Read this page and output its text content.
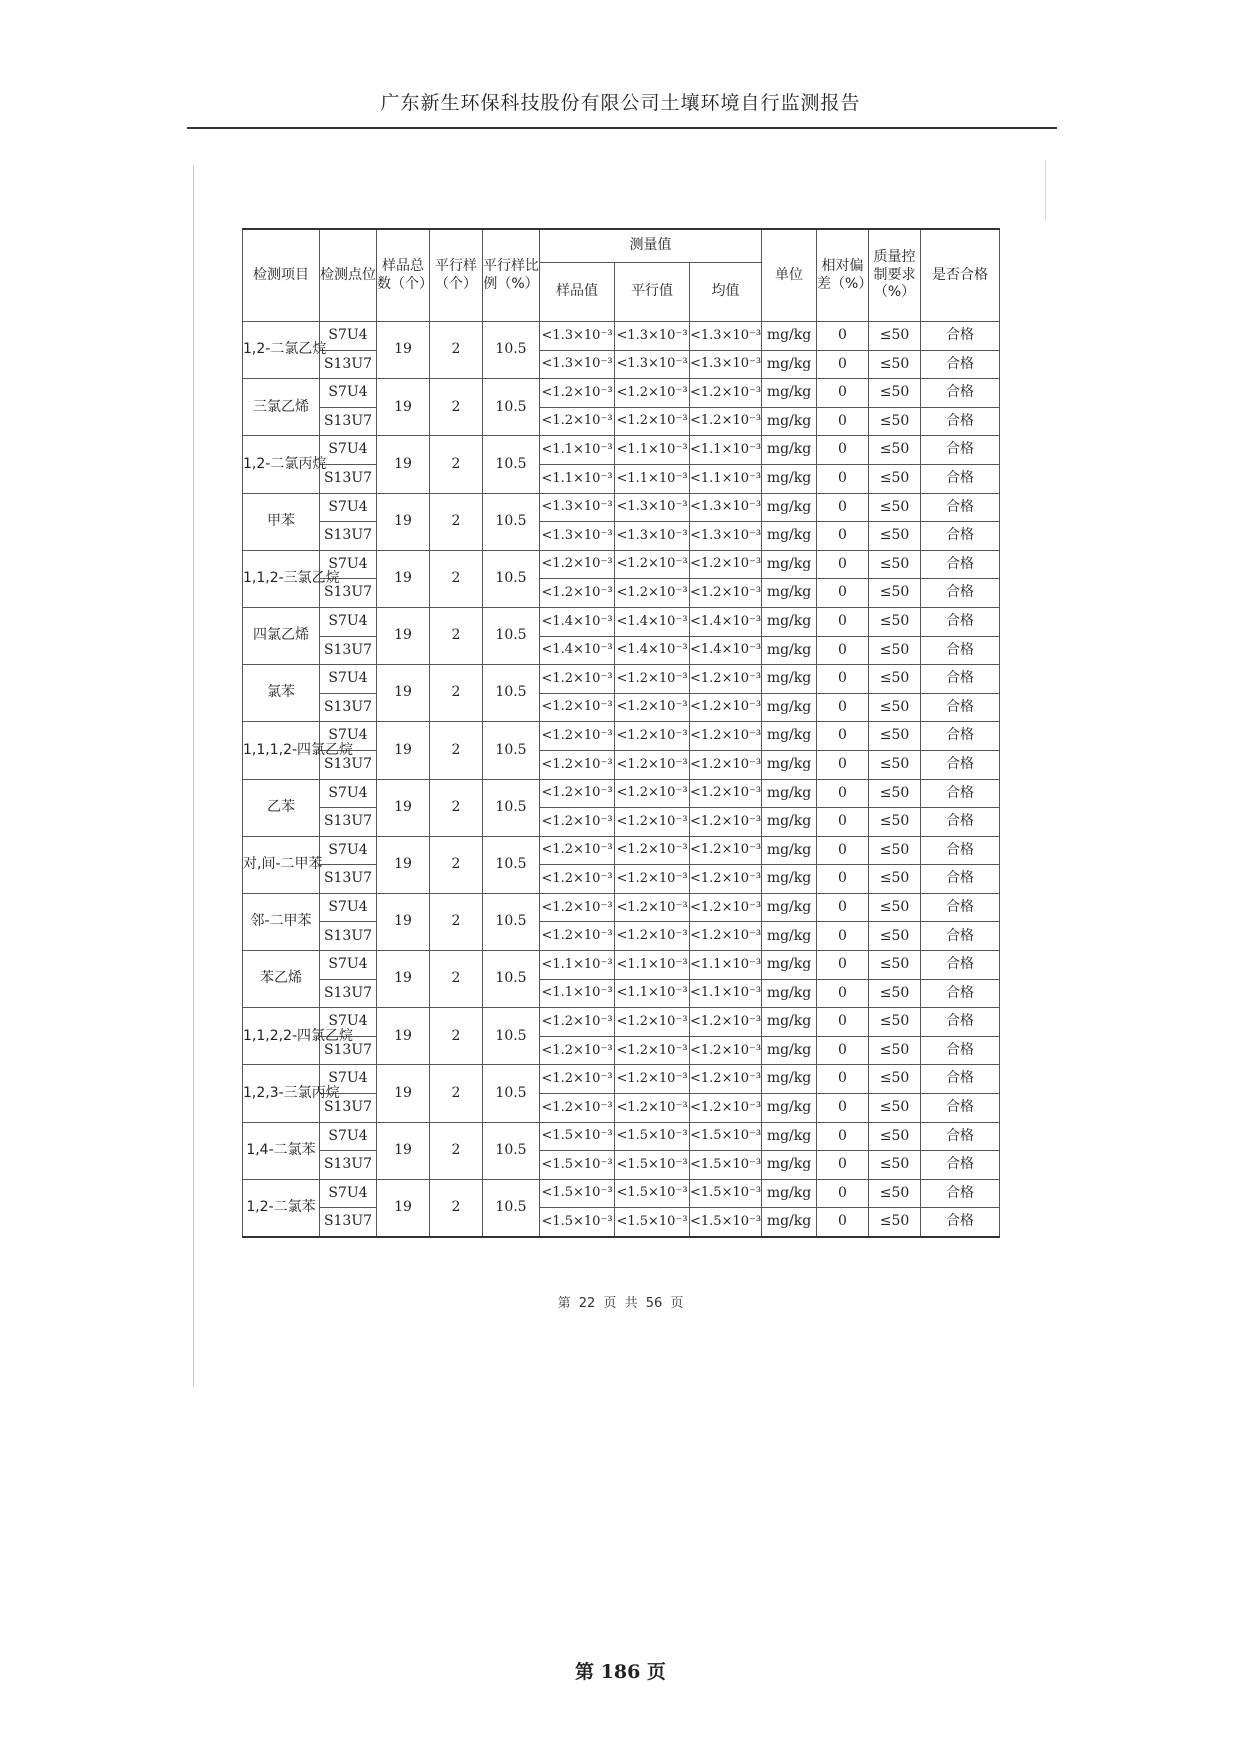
广东新生环保科技股份有限公司土壤环境自行监测报告
检测项目	检测点位	样品总数（个）	平行样（个）	平行样比例（%）	测量值			单位	相对偏差（%）	质量控制要求（%）	是否合格
					样品值	平行值	均值				
1,2-二氯乙烷	S7U4	19	2	10.5	<1.3×10⁻³	<1.3×10⁻³	<1.3×10⁻³	mg/kg	0	≤50	合格
	S13U7				<1.3×10⁻³	<1.3×10⁻³	<1.3×10⁻³	mg/kg	0	≤50	合格
三氯乙烯	S7U4	19	2	10.5	<1.2×10⁻³	<1.2×10⁻³	<1.2×10⁻³	mg/kg	0	≤50	合格
	S13U7				<1.2×10⁻³	<1.2×10⁻³	<1.2×10⁻³	mg/kg	0	≤50	合格
1,2-二氯丙烷	S7U4	19	2	10.5	<1.1×10⁻³	<1.1×10⁻³	<1.1×10⁻³	mg/kg	0	≤50	合格
	S13U7				<1.1×10⁻³	<1.1×10⁻³	<1.1×10⁻³	mg/kg	0	≤50	合格
甲苯	S7U4	19	2	10.5	<1.3×10⁻³	<1.3×10⁻³	<1.3×10⁻³	mg/kg	0	≤50	合格
	S13U7				<1.3×10⁻³	<1.3×10⁻³	<1.3×10⁻³	mg/kg	0	≤50	合格
1,1,2-三氯乙烷	S7U4	19	2	10.5	<1.2×10⁻³	<1.2×10⁻³	<1.2×10⁻³	mg/kg	0	≤50	合格
	S13U7				<1.2×10⁻³	<1.2×10⁻³	<1.2×10⁻³	mg/kg	0	≤50	合格
四氯乙烯	S7U4	19	2	10.5	<1.4×10⁻³	<1.4×10⁻³	<1.4×10⁻³	mg/kg	0	≤50	合格
	S13U7				<1.4×10⁻³	<1.4×10⁻³	<1.4×10⁻³	mg/kg	0	≤50	合格
氯苯	S7U4	19	2	10.5	<1.2×10⁻³	<1.2×10⁻³	<1.2×10⁻³	mg/kg	0	≤50	合格
	S13U7				<1.2×10⁻³	<1.2×10⁻³	<1.2×10⁻³	mg/kg	0	≤50	合格
1,1,1,2-四氯乙烷	S7U4	19	2	10.5	<1.2×10⁻³	<1.2×10⁻³	<1.2×10⁻³	mg/kg	0	≤50	合格
	S13U7				<1.2×10⁻³	<1.2×10⁻³	<1.2×10⁻³	mg/kg	0	≤50	合格
乙苯	S7U4	19	2	10.5	<1.2×10⁻³	<1.2×10⁻³	<1.2×10⁻³	mg/kg	0	≤50	合格
	S13U7				<1.2×10⁻³	<1.2×10⁻³	<1.2×10⁻³	mg/kg	0	≤50	合格
对,间-二甲苯	S7U4	19	2	10.5	<1.2×10⁻³	<1.2×10⁻³	<1.2×10⁻³	mg/kg	0	≤50	合格
	S13U7				<1.2×10⁻³	<1.2×10⁻³	<1.2×10⁻³	mg/kg	0	≤50	合格
邻-二甲苯	S7U4	19	2	10.5	<1.2×10⁻³	<1.2×10⁻³	<1.2×10⁻³	mg/kg	0	≤50	合格
	S13U7				<1.2×10⁻³	<1.2×10⁻³	<1.2×10⁻³	mg/kg	0	≤50	合格
苯乙烯	S7U4	19	2	10.5	<1.1×10⁻³	<1.1×10⁻³	<1.1×10⁻³	mg/kg	0	≤50	合格
	S13U7				<1.1×10⁻³	<1.1×10⁻³	<1.1×10⁻³	mg/kg	0	≤50	合格
1,1,2,2-四氯乙烷	S7U4	19	2	10.5	<1.2×10⁻³	<1.2×10⁻³	<1.2×10⁻³	mg/kg	0	≤50	合格
	S13U7				<1.2×10⁻³	<1.2×10⁻³	<1.2×10⁻³	mg/kg	0	≤50	合格
1,2,3-三氯丙烷	S7U4	19	2	10.5	<1.2×10⁻³	<1.2×10⁻³	<1.2×10⁻³	mg/kg	0	≤50	合格
	S13U7				<1.2×10⁻³	<1.2×10⁻³	<1.2×10⁻³	mg/kg	0	≤50	合格
1,4-二氯苯	S7U4	19	2	10.5	<1.5×10⁻³	<1.5×10⁻³	<1.5×10⁻³	mg/kg	0	≤50	合格
	S13U7				<1.5×10⁻³	<1.5×10⁻³	<1.5×10⁻³	mg/kg	0	≤50	合格
1,2-二氯苯	S7U4	19	2	10.5	<1.5×10⁻³	<1.5×10⁻³	<1.5×10⁻³	mg/kg	0	≤50	合格
	S13U7				<1.5×10⁻³	<1.5×10⁻³	<1.5×10⁻³	mg/kg	0	≤50	合格
第 22 页 共 56 页
第 186 页
